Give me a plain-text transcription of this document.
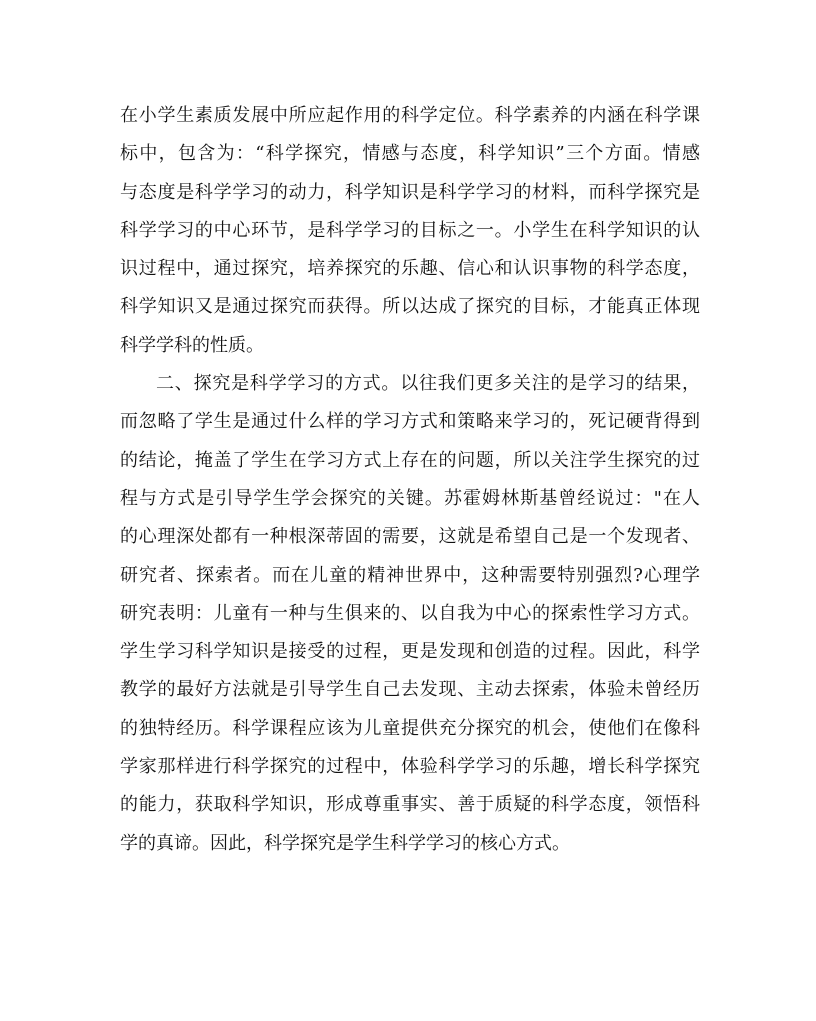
在小学生素质发展中所应起作用的科学定位。科学素养的内涵在科学课
标中，包含为：“科学探究，情感与态度，科学知识”三个方面。情感
与态度是科学学习的动力，科学知识是科学学习的材料，而科学探究是
科学学习的中心环节，是科学学习的目标之一。小学生在科学知识的认
识过程中，通过探究，培养探究的乐趣、信心和认识事物的科学态度，
科学知识又是通过探究而获得。所以达成了探究的目标，才能真正体现
科学学科的性质。
二、探究是科学学习的方式。以往我们更多关注的是学习的结果，
而忽略了学生是通过什么样的学习方式和策略来学习的，死记硬背得到
的结论，掩盖了学生在学习方式上存在的问题，所以关注学生探究的过
程与方式是引导学生学会探究的关键。苏霍姆林斯基曾经说过："在人
的心理深处都有一种根深蒂固的需要，这就是希望自己是一个发现者、
研究者、探索者。而在儿童的精神世界中，这种需要特别强烈?心理学
研究表明：儿童有一种与生俱来的、以自我为中心的探索性学习方式。
学生学习科学知识是接受的过程，更是发现和创造的过程。因此，科学
教学的最好方法就是引导学生自己去发现、主动去探索，体验未曾经历
的独特经历。科学课程应该为儿童提供充分探究的机会，使他们在像科
学家那样进行科学探究的过程中，体验科学学习的乐趣，增长科学探究
的能力，获取科学知识，形成尊重事实、善于质疑的科学态度，领悟科
学的真谛。因此，科学探究是学生科学学习的核心方式。
